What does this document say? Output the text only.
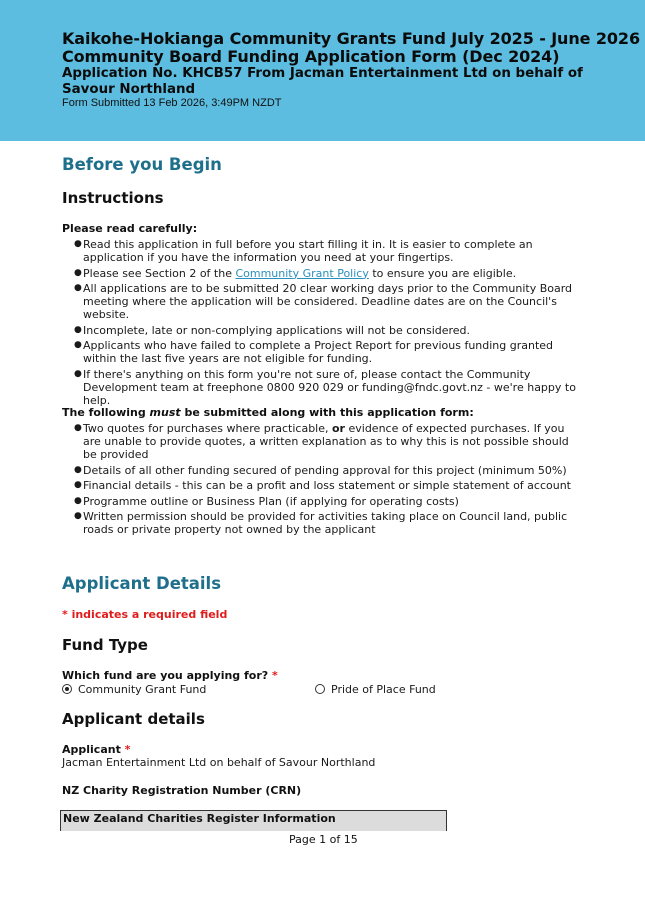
Kaikohe-Hokianga Community Grants Fund July 2025 - June 2026
Community Board Funding Application Form (Dec 2024)
Application No. KHCB57 From Jacman Entertainment Ltd on behalf of Savour Northland
Form Submitted 13 Feb 2026, 3:49PM NZDT
Before you Begin
Instructions
Please read carefully:
● Read this application in full before you start filling it in. It is easier to complete an application if you have the information you need at your fingertips.
● Please see Section 2 of the Community Grant Policy to ensure you are eligible.
● All applications are to be submitted 20 clear working days prior to the Community Board meeting where the application will be considered. Deadline dates are on the Council's website.
● Incomplete, late or non-complying applications will not be considered.
● Applicants who have failed to complete a Project Report for previous funding granted within the last five years are not eligible for funding.
● If there's anything on this form you're not sure of, please contact the Community Development team at freephone 0800 920 029 or funding@fndc.govt.nz - we're happy to help.
The following must be submitted along with this application form:
● Two quotes for purchases where practicable, or evidence of expected purchases. If you are unable to provide quotes, a written explanation as to why this is not possible should be provided
● Details of all other funding secured of pending approval for this project (minimum 50%)
● Financial details - this can be a profit and loss statement or simple statement of account
● Programme outline or Business Plan (if applying for operating costs)
● Written permission should be provided for activities taking place on Council land, public roads or private property not owned by the applicant
Applicant Details
* indicates a required field
Fund Type
Which fund are you applying for? *
Community Grant Fund	Pride of Place Fund
Applicant details
Applicant *
Jacman Entertainment Ltd on behalf of Savour Northland
NZ Charity Registration Number (CRN)
New Zealand Charities Register Information
Page 1 of 15
